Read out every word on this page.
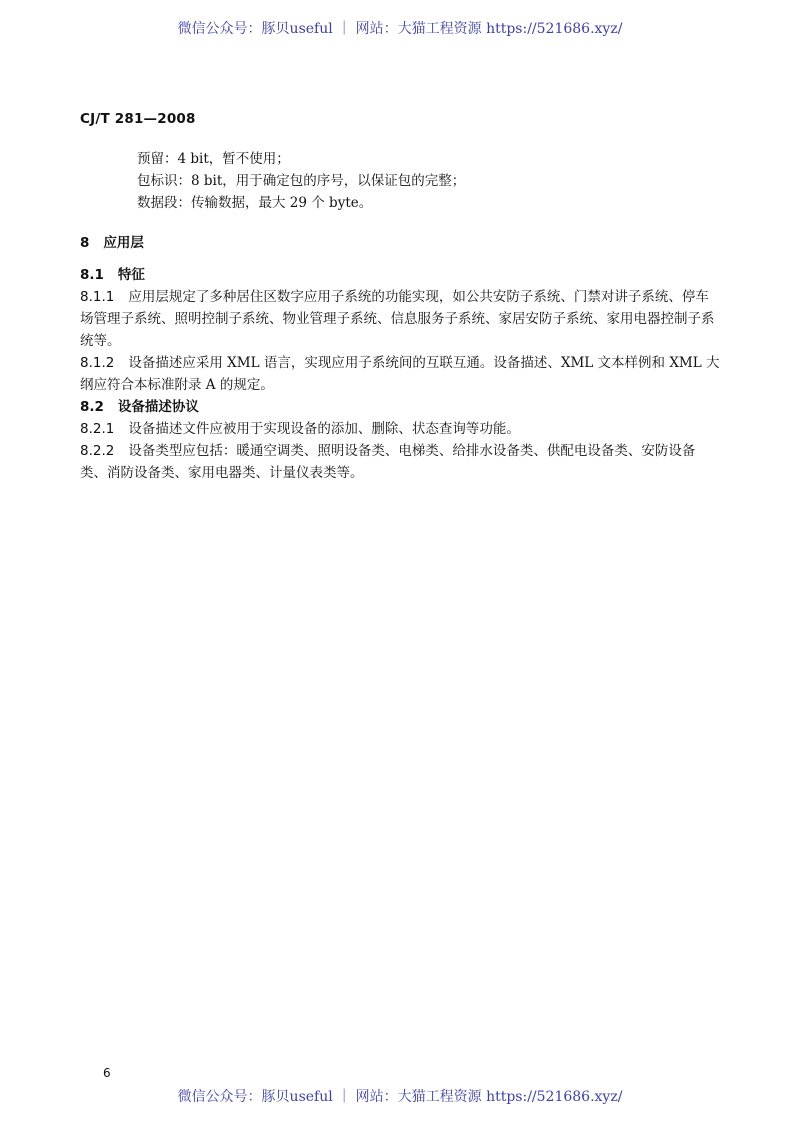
微信公众号：豚贝useful ｜ 网站：大猫工程资源 https://521686.xyz/
CJ/T 281—2008

预留：4 bit，暂不使用；

包标识：8 bit，用于确定包的序号，以保证包的完整；

数据段：传输数据，最大 29 个 byte。

8 应用层

8.1 特征

8.1.1 应用层规定了多种居住区数字应用子系统的功能实现，如公共安防子系统、门禁对讲子系统、停车场管理子系统、照明控制子系统、物业管理子系统、信息服务子系统、家居安防子系统、家用电器控制子系统等。

8.1.2 设备描述应采用 XML 语言，实现应用子系统间的互联互通。设备描述、XML 文本样例和 XML 大纲应符合本标准附录 A 的规定。

8.2 设备描述协议

8.2.1 设备描述文件应被用于实现设备的添加、删除、状态查询等功能。

8.2.2 设备类型应包括：暖通空调类、照明设备类、电梯类、给排水设备类、供配电设备类、安防设备类、消防设备类、家用电器类、计量仪表类等。

6
微信公众号：豚贝useful ｜ 网站：大猫工程资源 https://521686.xyz/
